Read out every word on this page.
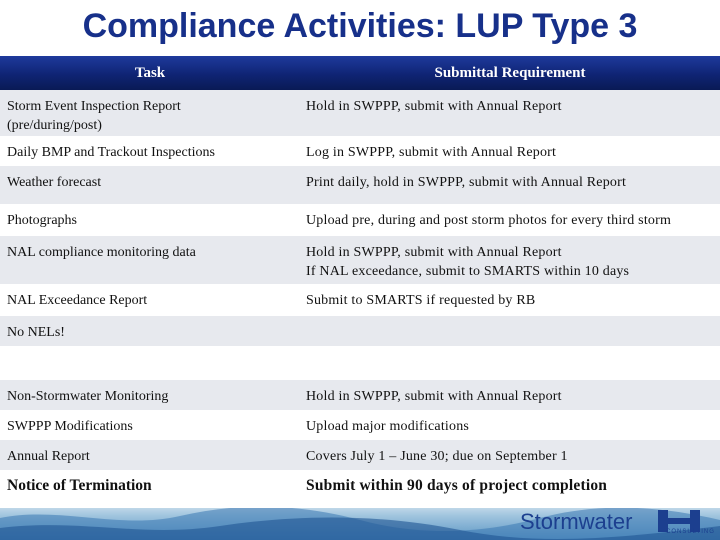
Compliance Activities: LUP Type 3
Stormwater	CONSULTING
Task	Submittal Requirement
Storm Event Inspection Report
(pre/during/post)	Hold in SWPPP, submit with Annual Report
Daily BMP and Trackout Inspections	Log in SWPPP, submit with Annual Report
Weather forecast	Print daily, hold in SWPPP, submit with Annual Report
Photographs	Upload pre, during and post storm photos for every third storm
NAL compliance monitoring data	Hold in SWPPP, submit with Annual Report
If NAL exceedance, submit to SMARTS within 10 days
NAL Exceedance Report	Submit to SMARTS if requested by RB
No NELs!	

Non-Stormwater Monitoring	Hold in SWPPP, submit with Annual Report
SWPPP Modifications	Upload major modifications
Annual Report	Covers July 1 – June 30; due on September 1
Notice of Termination	Submit within 90 days of project completion
